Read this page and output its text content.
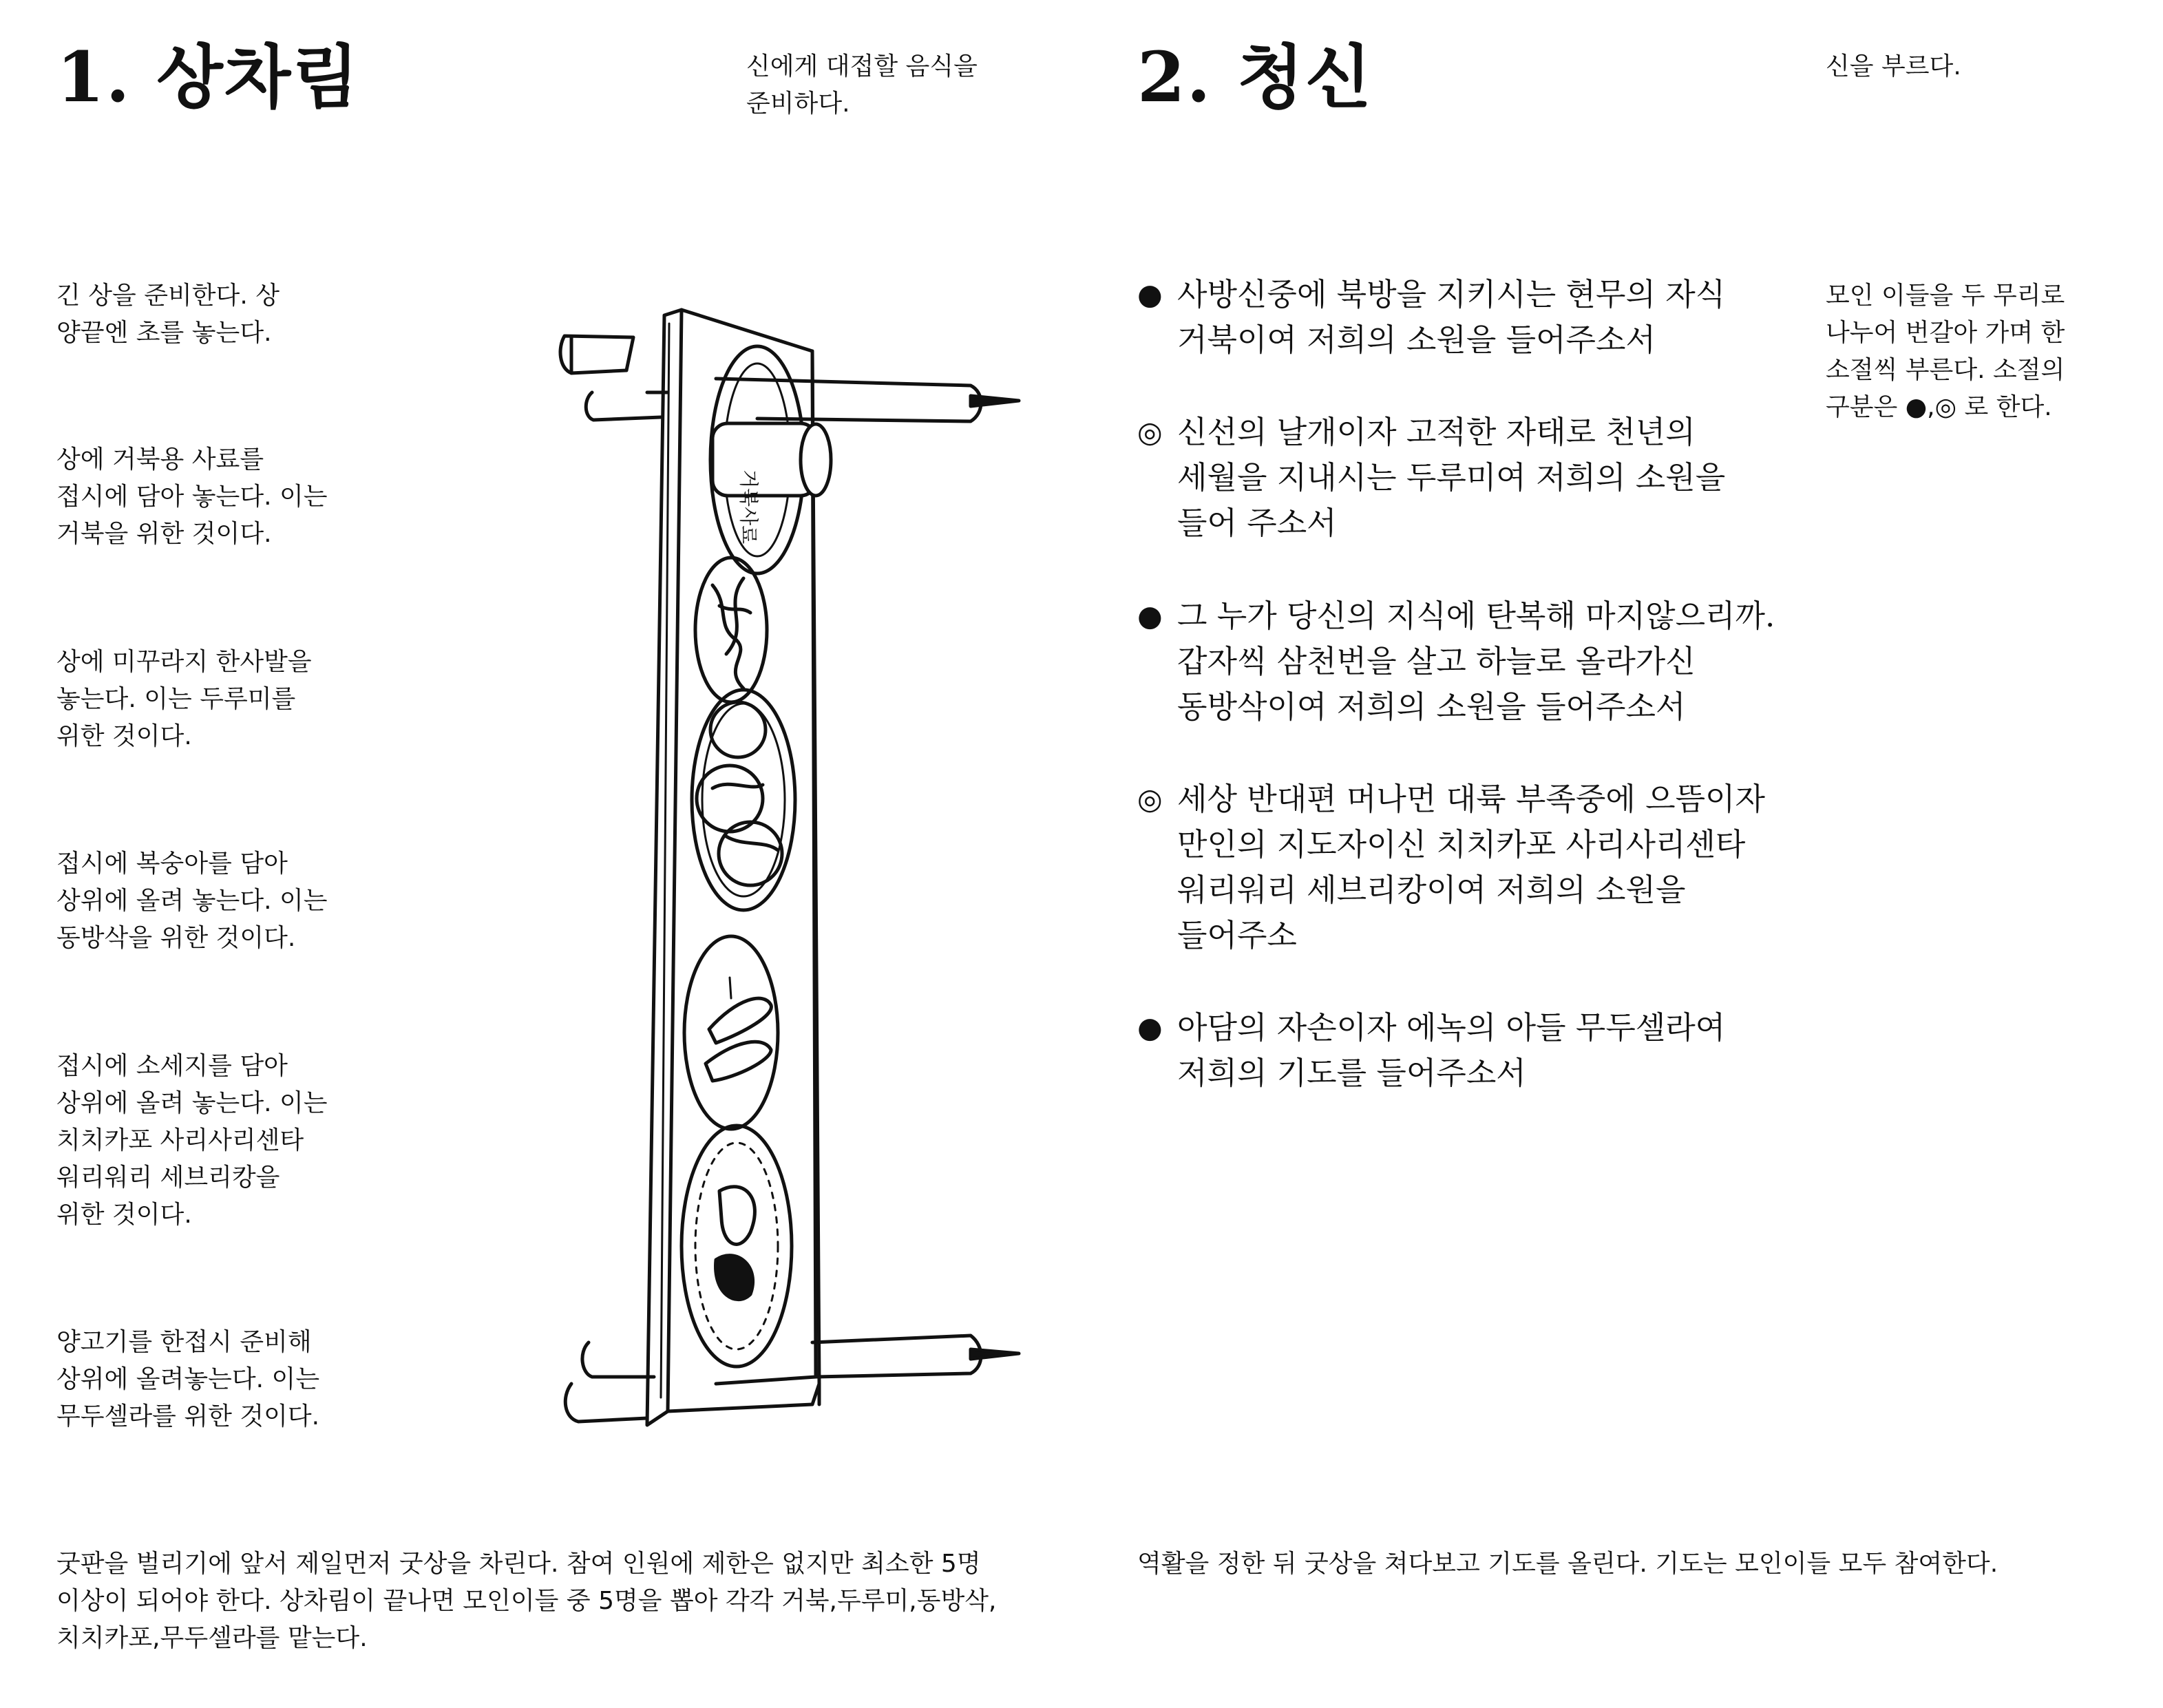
1. 상차림	신에게 대접할 음식을
준비하다.

긴 상을 준비한다. 상

양끝엔 초를 놓는다.

상에 거북용 사료를

접시에 담아 놓는다. 이는

거북을 위한 것이다.

상에 미꾸라지 한사발을

놓는다. 이는 두루미를

위한 것이다.

접시에 복숭아를 담아

상위에 올려 놓는다. 이는

동방삭을 위한 것이다.

접시에 소세지를 담아

상위에 올려 놓는다. 이는

치치카포 사리사리센타

워리워리 세브리캉을

위한 것이다.

양고기를 한접시 준비해

상위에 올려놓는다. 이는

무두셀라를 위한 것이다.

거북사료

굿판을 벌리기에 앞서 제일먼저 굿상을 차린다. 참여 인원에 제한은 없지만 최소한 5명

이상이 되어야 한다. 상차림이 끝나면 모인이들 중 5명을 뽑아 각각 거북,두루미,동방삭,

치치카포,무두셀라를 맡는다.

2. 청신	신을 부르다.
● 사방신중에 북방을 지키시는 현무의 자식

거북이여 저희의 소원을 들어주소서

◎ 신선의 날개이자 고적한 자태로 천년의

세월을 지내시는 두루미여 저희의 소원을

들어 주소서

● 그 누가 당신의 지식에 탄복해 마지않으리까.

갑자씩 삼천번을 살고 하늘로 올라가신

동방삭이여 저희의 소원을 들어주소서

◎ 세상 반대편 머나먼 대륙 부족중에 으뜸이자

만인의 지도자이신 치치카포 사리사리센타

워리워리 세브리캉이여 저희의 소원을

들어주소

● 아담의 자손이자 에녹의 아들 무두셀라여

저희의 기도를 들어주소서

모인 이들을 두 무리로

나누어 번갈아 가며 한

소절씩 부른다. 소절의

구분은 ●,◎ 로 한다.

역활을 정한 뒤 굿상을 쳐다보고 기도를 올린다. 기도는 모인이들 모두 참여한다.
